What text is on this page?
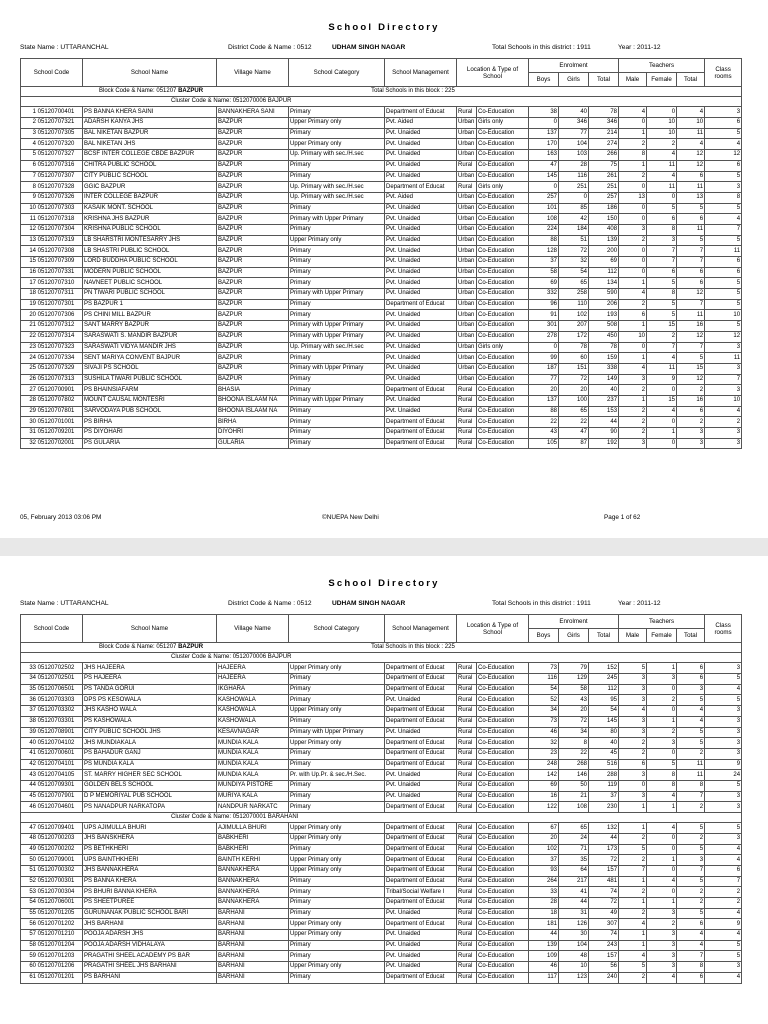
School Directory
State Name : UTTARANCHAL	District Code & Name : 0512	UDHAM SINGH NAGAR	Total Schools in this district : 1911	Year : 2011-12
School Code	School Name	Village Name	School Category	School Management	Location & Type of School		Enrolment			Teachers			Class rooms
							Boys	Girls	Total	Male	Female	Total	
Block Code & Name: 051207 BAZPUR Total Schools in this block : 225													
Cluster Code & Name: 0512070006 BAJPUR													
1 05120700401	PS BANNA KHERA SAINI	BANNAKHERA SANI	Primary	Department of Educat	Rural	Co-Education	38	40	78	4	0	4	3
2 05120707321	ADARSH KANYA JHS	BAZPUR	Upper Primary only	Pvt. Aided	Urban	Girls only	0	346	346	0	10	10	6
3 05120707305	BAL NIKETAN BAZPUR	BAZPUR	Primary	Pvt. Unaided	Urban	Co-Education	137	77	214	1	10	11	5
4 05120707320	BAL NIKETAN JHS	BAZPUR	Upper Primary only	Pvt. Unaided	Urban	Co-Education	170	104	274	2	2	4	4
5 05120707327	BCSF INTER COLLEGE CBDE BAZPUR	BAZPUR	Up. Primary with sec./H.sec	Pvt. Unaided	Urban	Co-Education	163	103	266	8	4	12	12
6 05120707316	CHITRA PUBLIC SCHOOL	BAZPUR	Primary	Pvt. Unaided	Rural	Co-Education	47	28	75	1	11	12	6
7 05120707307	CITY PUBLIC SCHOOL	BAZPUR	Primary	Pvt. Unaided	Urban	Co-Education	145	116	261	2	4	6	5
8 05120707328	GGIC BAZPUR	BAZPUR	Up. Primary with sec./H.sec	Department of Educat	Rural	Girls only	0	251	251	0	11	11	3
9 05120707326	INTER COLLEGE BAZPUR	BAZPUR	Up. Primary with sec./H.sec	Pvt. Aided	Urban	Co-Education	257	0	257	13	0	13	8
10 05120707303	KASAIK MONT. SCHOOL	BAZPUR	Primary	Pvt. Unaided	Urban	Co-Education	101	85	186	0	5	5	5
11 05120707318	KRISHNA JHS BAZPUR	BAZPUR	Primary with Upper Primary	Pvt. Unaided	Urban	Co-Education	108	42	150	0	6	6	4
12 05120707304	KRISHNA PUBLIC SCHOOL	BAZPUR	Primary	Pvt. Unaided	Urban	Co-Education	224	184	408	3	8	11	7
13 05120707319	LB SHARSTRI MONTESARRY JHS	BAZPUR	Upper Primary only	Pvt. Unaided	Urban	Co-Education	88	51	139	2	3	5	5
14 05120707308	LB SHASTRI PUBLIC SCHOOL	BAZPUR	Primary	Pvt. Unaided	Urban	Co-Education	128	72	200	0	7	7	11
15 05120707309	LORD BUDDHA PUBLIC SCHOOL	BAZPUR	Primary	Pvt. Unaided	Urban	Co-Education	37	32	69	0	7	7	6
16 05120707331	MODERN PUBLIC SCHOOL	BAZPUR	Primary	Pvt. Unaided	Urban	Co-Education	58	54	112	0	6	6	6
17 05120707310	NAVNEET PUBLIC SCHOOL	BAZPUR	Primary	Pvt. Unaided	Urban	Co-Education	69	65	134	1	5	6	5
18 05120707311	PN TIWARI PUBLIC SCHOOL	BAZPUR	Primary with Upper Primary	Pvt. Unaided	Urban	Co-Education	332	258	590	4	8	12	5
19 05120707301	PS BAZPUR 1	BAZPUR	Primary	Department of Educat	Urban	Co-Education	96	110	206	2	5	7	5
20 05120707306	PS CHINI MILL BAZPUR	BAZPUR	Primary	Pvt. Unaided	Urban	Co-Education	91	102	193	6	5	11	10
21 05120707312	SANT MARRY BAZPUR	BAZPUR	Primary with Upper Primary	Pvt. Unaided	Urban	Co-Education	301	207	508	1	15	16	5
22 05120707314	SARASWATI S. MANDIR BAZPUR	BAZPUR	Primary with Upper Primary	Pvt. Unaided	Urban	Co-Education	278	172	450	10	2	12	12
23 05120707323	SARASWATI VIDYA MANDIR JHS	BAZPUR	Up. Primary with sec./H.sec	Pvt. Unaided	Urban	Girls only	0	78	78	0	7	7	3
24 05120707334	SENT MARIYA CONVENT BAJPUR	BAZPUR	Primary	Pvt. Unaided	Urban	Co-Education	99	60	159	1	4	5	11
25 05120707329	SIVAJI PS SCHOOL	BAZPUR	Primary with Upper Primary	Pvt. Unaided	Urban	Co-Education	187	151	338	4	11	15	3
26 05120707313	SUSHILA TIWARI PUBLIC SCHOOL	BAZPUR	Primary	Pvt. Unaided	Urban	Co-Education	77	72	149	3	9	12	7
27 05120700901	PS BHAINSIAFARM	BHASIA	Primary	Department of Educat	Rural	Co-Education	20	20	40	2	0	2	3
28 05120707802	MOUNT CAUSAL MONTESRI	BHOONA ISLAAM NA	Primary with Upper Primary	Pvt. Unaided	Rural	Co-Education	137	100	237	1	15	16	10
29 05120707801	SARVODAYA PUB SCHOOL	BHOONA ISLAAM NA	Primary	Pvt. Unaided	Rural	Co-Education	88	65	153	2	4	6	4
30 05120701001	PS BIRHA	BIRHA	Primary	Department of Educat	Rural	Co-Education	22	22	44	2	0	2	2
31 05120709201	PS DIYOHARI	DIYOHRI	Primary	Department of Educat	Rural	Co-Education	43	47	90	2	1	3	3
32 05120702001	PS GULARIA	GULARIA	Primary	Department of Educat	Rural	Co-Education	105	87	192	3	0	3	3
05, February 2013 03:06 PM	©NUEPA New Delhi	Page 1 of 62
School Directory
State Name : UTTARANCHAL	District Code & Name : 0512	UDHAM SINGH NAGAR	Total Schools in this district : 1911	Year : 2011-12
School Code	School Name	Village Name	School Category	School Management	Location & Type of School		Enrolment			Teachers			Class rooms
							Boys	Girls	Total	Male	Female	Total	
Block Code & Name: 051207 BAZPUR Total Schools in this block : 225													
Cluster Code & Name: 0512070006 BAJPUR													
33 05120702502	JHS HAJEERA	HAJEERA	Upper Primary only	Department of Educat	Rural	Co-Education	73	79	152	5	1	6	3
34 05120702501	PS HAJEERA	HAJEERA	Primary	Department of Educat	Rural	Co-Education	116	129	245	3	3	6	5
35 05120706501	PS TANDA GORUI	IKGHARA	Primary	Department of Educat	Rural	Co-Education	54	58	112	3	0	3	4
36 05120703303	DPS PS KESOWALA	KASHOWALA	Primary	Pvt. Unaided	Rural	Co-Education	52	43	95	3	2	5	5
37 05120703302	JHS KASHO WALA	KASHOWALA	Upper Primary only	Department of Educat	Rural	Co-Education	34	20	54	4	0	4	3
38 05120703301	PS KASHOWALA	KASHOWALA	Primary	Department of Educat	Rural	Co-Education	73	72	145	3	1	4	3
39 05120708901	CITY PUBLIC SCHOOL JHS	KESAVNAGAR	Primary with Upper Primary	Pvt. Unaided	Rural	Co-Education	46	34	80	3	2	5	3
40 05120704102	JHS MUNDIAKALA	MUNDIA KALA	Upper Primary only	Department of Educat	Rural	Co-Education	32	8	40	2	3	5	3
41 05120700601	PS BAHADUR GANJ	MUNDIA KALA	Primary	Department of Educat	Rural	Co-Education	23	22	45	2	0	2	3
42 05120704101	PS MUNDIA KALA	MUNDIA KALA	Primary	Department of Educat	Rural	Co-Education	248	268	516	6	5	11	9
43 05120704105	ST. MARRY HIGHER SEC SCHOOL	MUNDIA KALA	Pr. with Up.Pr. & sec./H.Sec.	Pvt. Unaided	Rural	Co-Education	142	146	288	3	8	11	24
44 05120709301	GOLDEN BELS SCHOOL	MUNDIYA PISTORE	Primary	Pvt. Unaided	Rural	Co-Education	69	50	119	0	8	8	5
45 05120707901	D P MEMORIYAL PUB SCHOOL	MURIYA KALA	Primary	Pvt. Unaided	Rural	Co-Education	16	21	37	3	4	7	3
46 05120704601	PS NANADPUR NARKATOPA	NANDPUR NARKATC	Primary	Department of Educat	Rural	Co-Education	122	108	230	1	1	2	3
Cluster Code & Name: 0512070001 BARAHANI													
47 05120709401	UPS AJIMULLA BHURI	AJIMULLA BHURI	Upper Primary only	Department of Educat	Rural	Co-Education	67	65	132	1	4	5	5
48 05120700203	JHS BANSKHERA	BABKHERI	Upper Primary only	Department of Educat	Rural	Co-Education	20	24	44	2	0	2	3
49 05120700202	PS BETHKHERI	BABKHERI	Primary	Department of Educat	Rural	Co-Education	102	71	173	5	0	5	4
50 05120709001	UPS BAINTHKHERI	BAINTH KERHI	Upper Primary only	Department of Educat	Rural	Co-Education	37	35	72	2	1	3	4
51 05120700302	JHS BANNAKHERA	BANNAKHERA	Upper Primary only	Department of Educat	Rural	Co-Education	93	64	157	7	0	7	6
52 05120700301	PS BANNA KHERA	BANNAKHERA	Primary	Department of Educat	Rural	Co-Education	264	217	481	1	4	5	7
53 05120700304	PS BHURI BANNA KHERA	BANNAKHERA	Primary	Tribal/Social Welfare I	Rural	Co-Education	33	41	74	2	0	2	2
54 05120706001	PS SHEETPUREE	BANNAKHERA	Primary	Department of Educat	Rural	Co-Education	28	44	72	1	1	2	2
55 05120701205	GURUNANAK PUBLIC SCHOOL BARI	BARHANI	Primary	Pvt. Unaided	Rural	Co-Education	18	31	49	2	3	5	4
56 05120701202	JHS BARHANI	BARHANI	Upper Primary only	Department of Educat	Rural	Co-Education	181	126	307	4	2	6	9
57 05120701210	POOJA ADARSH JHS	BARHANI	Upper Primary only	Pvt. Unaided	Rural	Co-Education	44	30	74	1	3	4	4
58 05120701204	POOJA ADARSH VIDHALAYA	BARHANI	Primary	Pvt. Unaided	Rural	Co-Education	139	104	243	1	3	4	5
59 05120701203	PRAGATHI SHEEL ACADEMY PS BAR	BARHANI	Primary	Pvt. Unaided	Rural	Co-Education	109	48	157	4	3	7	5
60 05120701206	PRAGATHI SHEEL JHS BARHANI	BARHANI	Upper Primary only	Pvt. Unaided	Rural	Co-Education	46	10	56	5	3	8	3
61 05120701201	PS BARHANI	BARHANI	Primary	Department of Educat	Rural	Co-Education	117	123	240	2	4	6	4
